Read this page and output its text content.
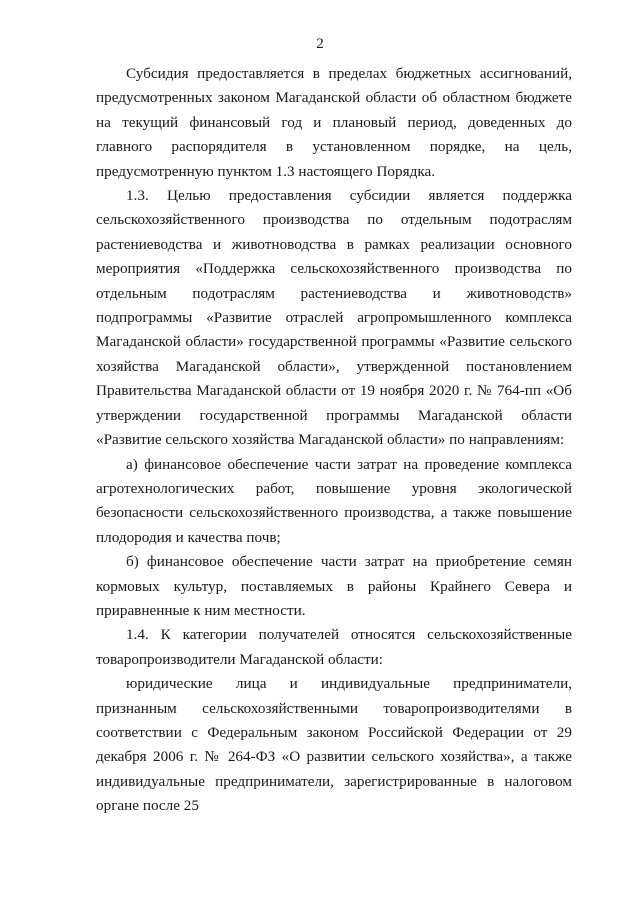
2

Субсидия предоставляется в пределах бюджетных ассигнований, предусмотренных законом Магаданской области об областном бюджете на текущий финансовый год и плановый период, доведенных до главного распорядителя в установленном порядке, на цель, предусмотренную пунктом 1.3 настоящего Порядка.

1.3. Целью предоставления субсидии является поддержка сельскохозяйственного производства по отдельным подотраслям растениеводства и животноводства в рамках реализации основного мероприятия «Поддержка сельскохозяйственного производства по отдельным подотраслям растениеводства и животноводств» подпрограммы «Развитие отраслей агропромышленного комплекса Магаданской области» государственной программы «Развитие сельского хозяйства Магаданской области», утвержденной постановлением Правительства Магаданской области от 19 ноября 2020 г. № 764-пп «Об утверждении государственной программы Магаданской области «Развитие сельского хозяйства Магаданской области» по направлениям:

а) финансовое обеспечение части затрат на проведение комплекса агротехнологических работ, повышение уровня экологической безопасности сельскохозяйственного производства, а также повышение плодородия и качества почв;

б) финансовое обеспечение части затрат на приобретение семян кормовых культур, поставляемых в районы Крайнего Севера и приравненные к ним местности.

1.4. К категории получателей относятся сельскохозяйственные товаропроизводители Магаданской области:

юридические лица и индивидуальные предприниматели, признанным сельскохозяйственными товаропроизводителями в соответствии с Федеральным законом Российской Федерации от 29 декабря 2006 г. № 264-ФЗ «О развитии сельского хозяйства», а также индивидуальные предприниматели, зарегистрированные в налоговом органе после 25
